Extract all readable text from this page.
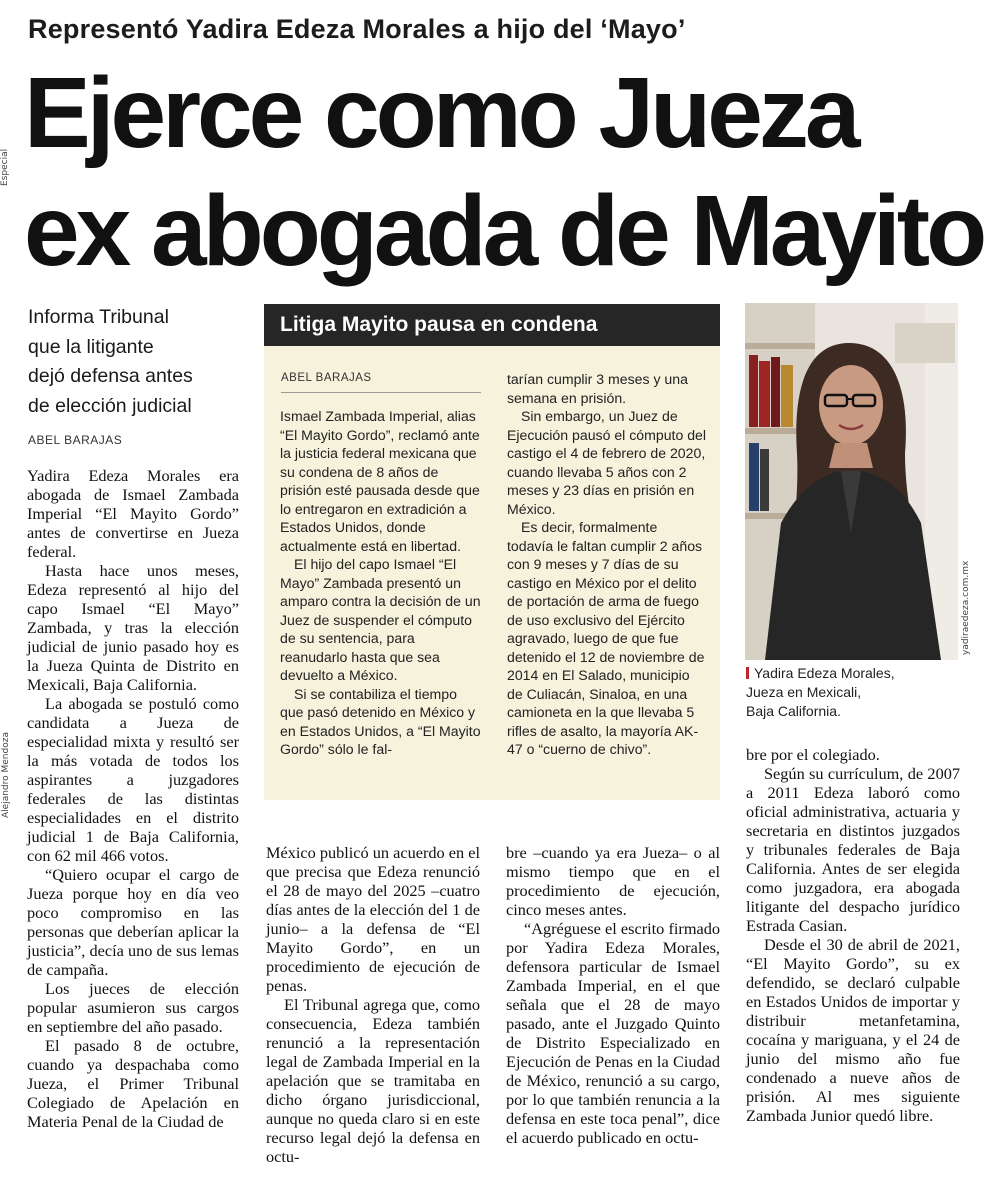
Representó Yadira Edeza Morales a hijo del ‘Mayo’
Ejerce como Jueza
ex abogada de Mayito
Especial
Alejandro Mendoza
yadiraedeza.com.mx
Informa Tribunal
que la litigante
dejó defensa antes
de elección judicial
ABEL BARAJAS

Yadira Edeza Morales era abogada de Ismael Zambada Imperial “El Mayito Gordo” antes de convertirse en Jueza federal.

Hasta hace unos meses, Edeza representó al hijo del capo Ismael “El Mayo” Zambada, y tras la elección judicial de junio pasado hoy es la Jueza Quinta de Distrito en Mexicali, Baja California.

La abogada se postuló como candidata a Jueza de especialidad mixta y resultó ser la más votada de todos los aspirantes a juzgadores federales de las distintas especialidades en el distrito judicial 1 de Baja California, con 62 mil 466 votos.

“Quiero ocupar el cargo de Jueza porque hoy en día veo poco compromiso en las personas que deberían aplicar la justicia”, decía uno de sus lemas de campaña.

Los jueces de elección popular asumieron sus cargos en septiembre del año pasado.

El pasado 8 de octubre, cuando ya despachaba como Jueza, el Primer Tribunal Colegiado de Apelación en Materia Penal de la Ciudad de

Litiga Mayito pausa en condena
ABEL BARAJAS

Ismael Zambada Imperial, alias “El Mayito Gordo”, reclamó ante la justicia federal mexicana que su condena de 8 años de prisión esté pausada desde que lo entregaron en extradición a Estados Unidos, donde actualmente está en libertad.

El hijo del capo Ismael “El Mayo” Zambada presentó un amparo contra la decisión de un Juez de suspender el cómputo de su sentencia, para reanudarlo hasta que sea devuelto a México.

Si se contabiliza el tiempo que pasó detenido en México y en Estados Unidos, a “El Mayito Gordo” sólo le fal-

tarían cumplir 3 meses y una semana en prisión.

Sin embargo, un Juez de Ejecución pausó el cómputo del castigo el 4 de febrero de 2020, cuando llevaba 5 años con 2 meses y 23 días en prisión en México.

Es decir, formalmente todavía le faltan cumplir 2 años con 9 meses y 7 días de su castigo en México por el delito de portación de arma de fuego de uso exclusivo del Ejército agravado, luego de que fue detenido el 12 de noviembre de 2014 en El Salado, municipio de Culiacán, Sinaloa, en una camioneta en la que llevaba 5 rifles de asalto, la mayoría AK-47 o “cuerno de chivo”.

México publicó un acuerdo en el que precisa que Edeza renunció el 28 de mayo del 2025 –cuatro días antes de la elección del 1 de junio– a la defensa de “El Mayito Gordo”, en un procedimiento de ejecución de penas.

El Tribunal agrega que, como consecuencia, Edeza también renunció a la representación legal de Zambada Imperial en la apelación que se tramitaba en dicho órgano jurisdiccional, aunque no queda claro si en este recurso legal dejó la defensa en octu-

bre –cuando ya era Jueza– o al mismo tiempo que en el procedimiento de ejecución, cinco meses antes.

“Agréguese el escrito firmado por Yadira Edeza Morales, defensora particular de Ismael Zambada Imperial, en el que señala que el 28 de mayo pasado, ante el Juzgado Quinto de Distrito Especializado en Ejecución de Penas en la Ciudad de México, renunció a su cargo, por lo que también renuncia a la defensa en este toca penal”, dice el acuerdo publicado en octu-

Yadira Edeza Morales,
Jueza en Mexicali,
Baja California.

bre por el colegiado.

Según su currículum, de 2007 a 2011 Edeza laboró como oficial administrativa, actuaria y secretaria en distintos juzgados y tribunales federales de Baja California. Antes de ser elegida como juzgadora, era abogada litigante del despacho jurídico Estrada Casian.

Desde el 30 de abril de 2021, “El Mayito Gordo”, su ex defendido, se declaró culpable en Estados Unidos de importar y distribuir metanfetamina, cocaína y mariguana, y el 24 de junio del mismo año fue condenado a nueve años de prisión. Al mes siguiente Zambada Junior quedó libre.
